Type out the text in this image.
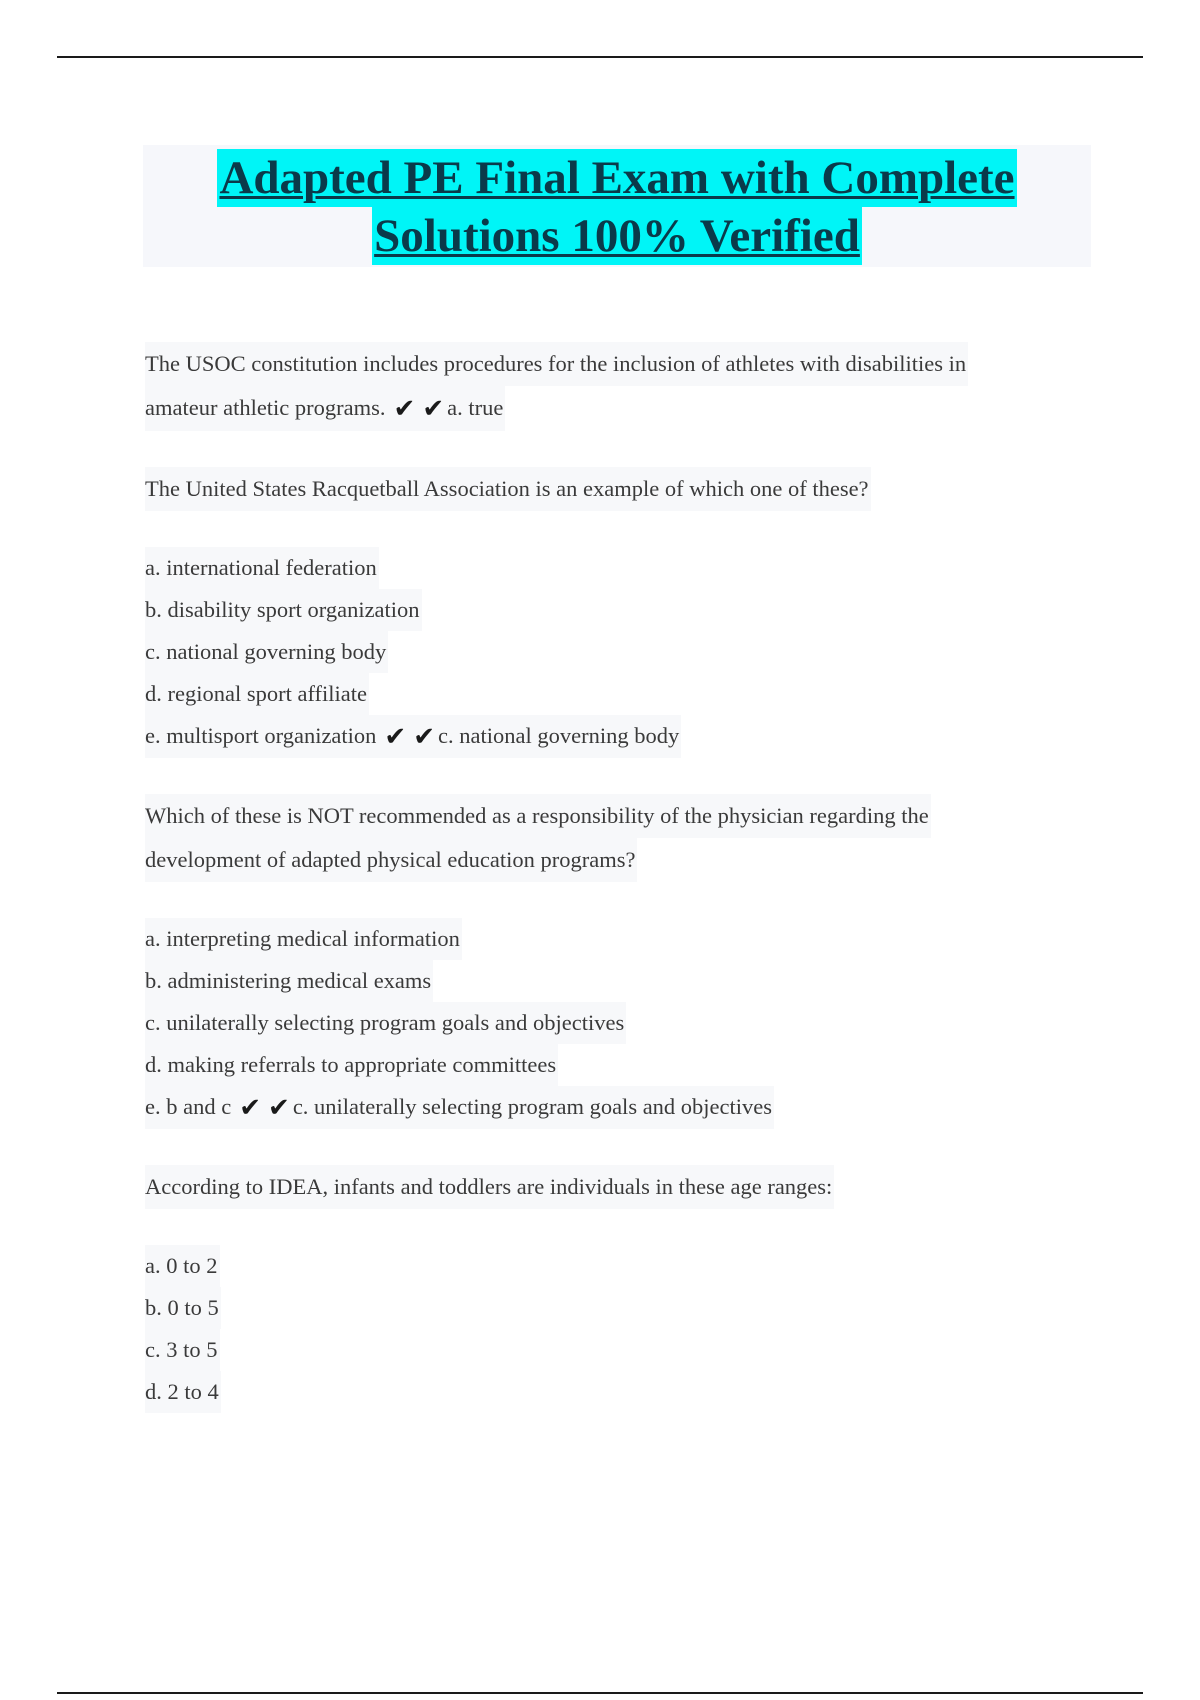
Adapted PE Final Exam with Complete
Solutions 100% Verified
The USOC constitution includes procedures for the inclusion of athletes with disabilities in
amateur athletic programs. ✔ ✔ a. true
The United States Racquetball Association is an example of which one of these?
a. international federation
b. disability sport organization
c. national governing body
d. regional sport affiliate
e. multisport organization ✔ ✔ c. national governing body
Which of these is NOT recommended as a responsibility of the physician regarding the
development of adapted physical education programs?
a. interpreting medical information
b. administering medical exams
c. unilaterally selecting program goals and objectives
d. making referrals to appropriate committees
e. b and c ✔ ✔ c. unilaterally selecting program goals and objectives
According to IDEA, infants and toddlers are individuals in these age ranges:
a. 0 to 2
b. 0 to 5
c. 3 to 5
d. 2 to 4
